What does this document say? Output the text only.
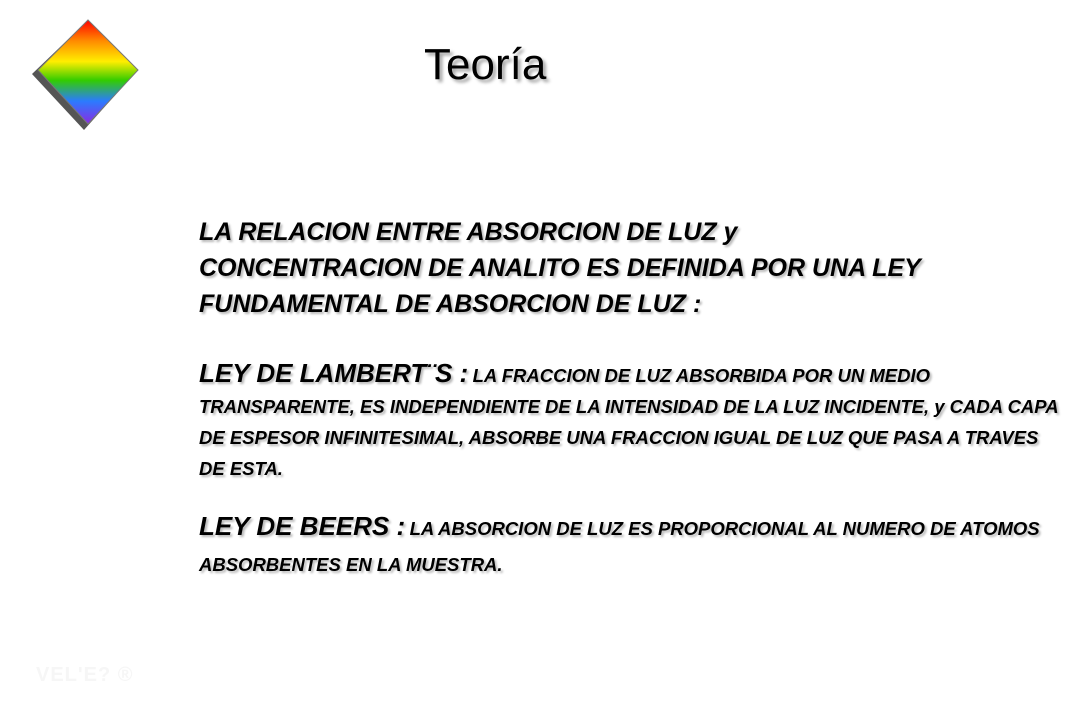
Teoría

LA RELACION ENTRE ABSORCION DE LUZ y CONCENTRACION DE ANALITO ES DEFINIDA POR UNA LEY FUNDAMENTAL DE ABSORCION DE LUZ :

LEY DE LAMBERT¨S : LA FRACCION DE LUZ ABSORBIDA POR UN MEDIO TRANSPARENTE, ES INDEPENDIENTE DE LA INTENSIDAD DE LA LUZ INCIDENTE, y CADA CAPA DE ESPESOR INFINITESIMAL, ABSORBE UNA FRACCION IGUAL DE LUZ QUE PASA A TRAVES DE ESTA.

LEY DE BEERS : LA ABSORCION DE LUZ ES PROPORCIONAL AL NUMERO DE ATOMOS ABSORBENTES EN LA MUESTRA.

VEL'E? ®
